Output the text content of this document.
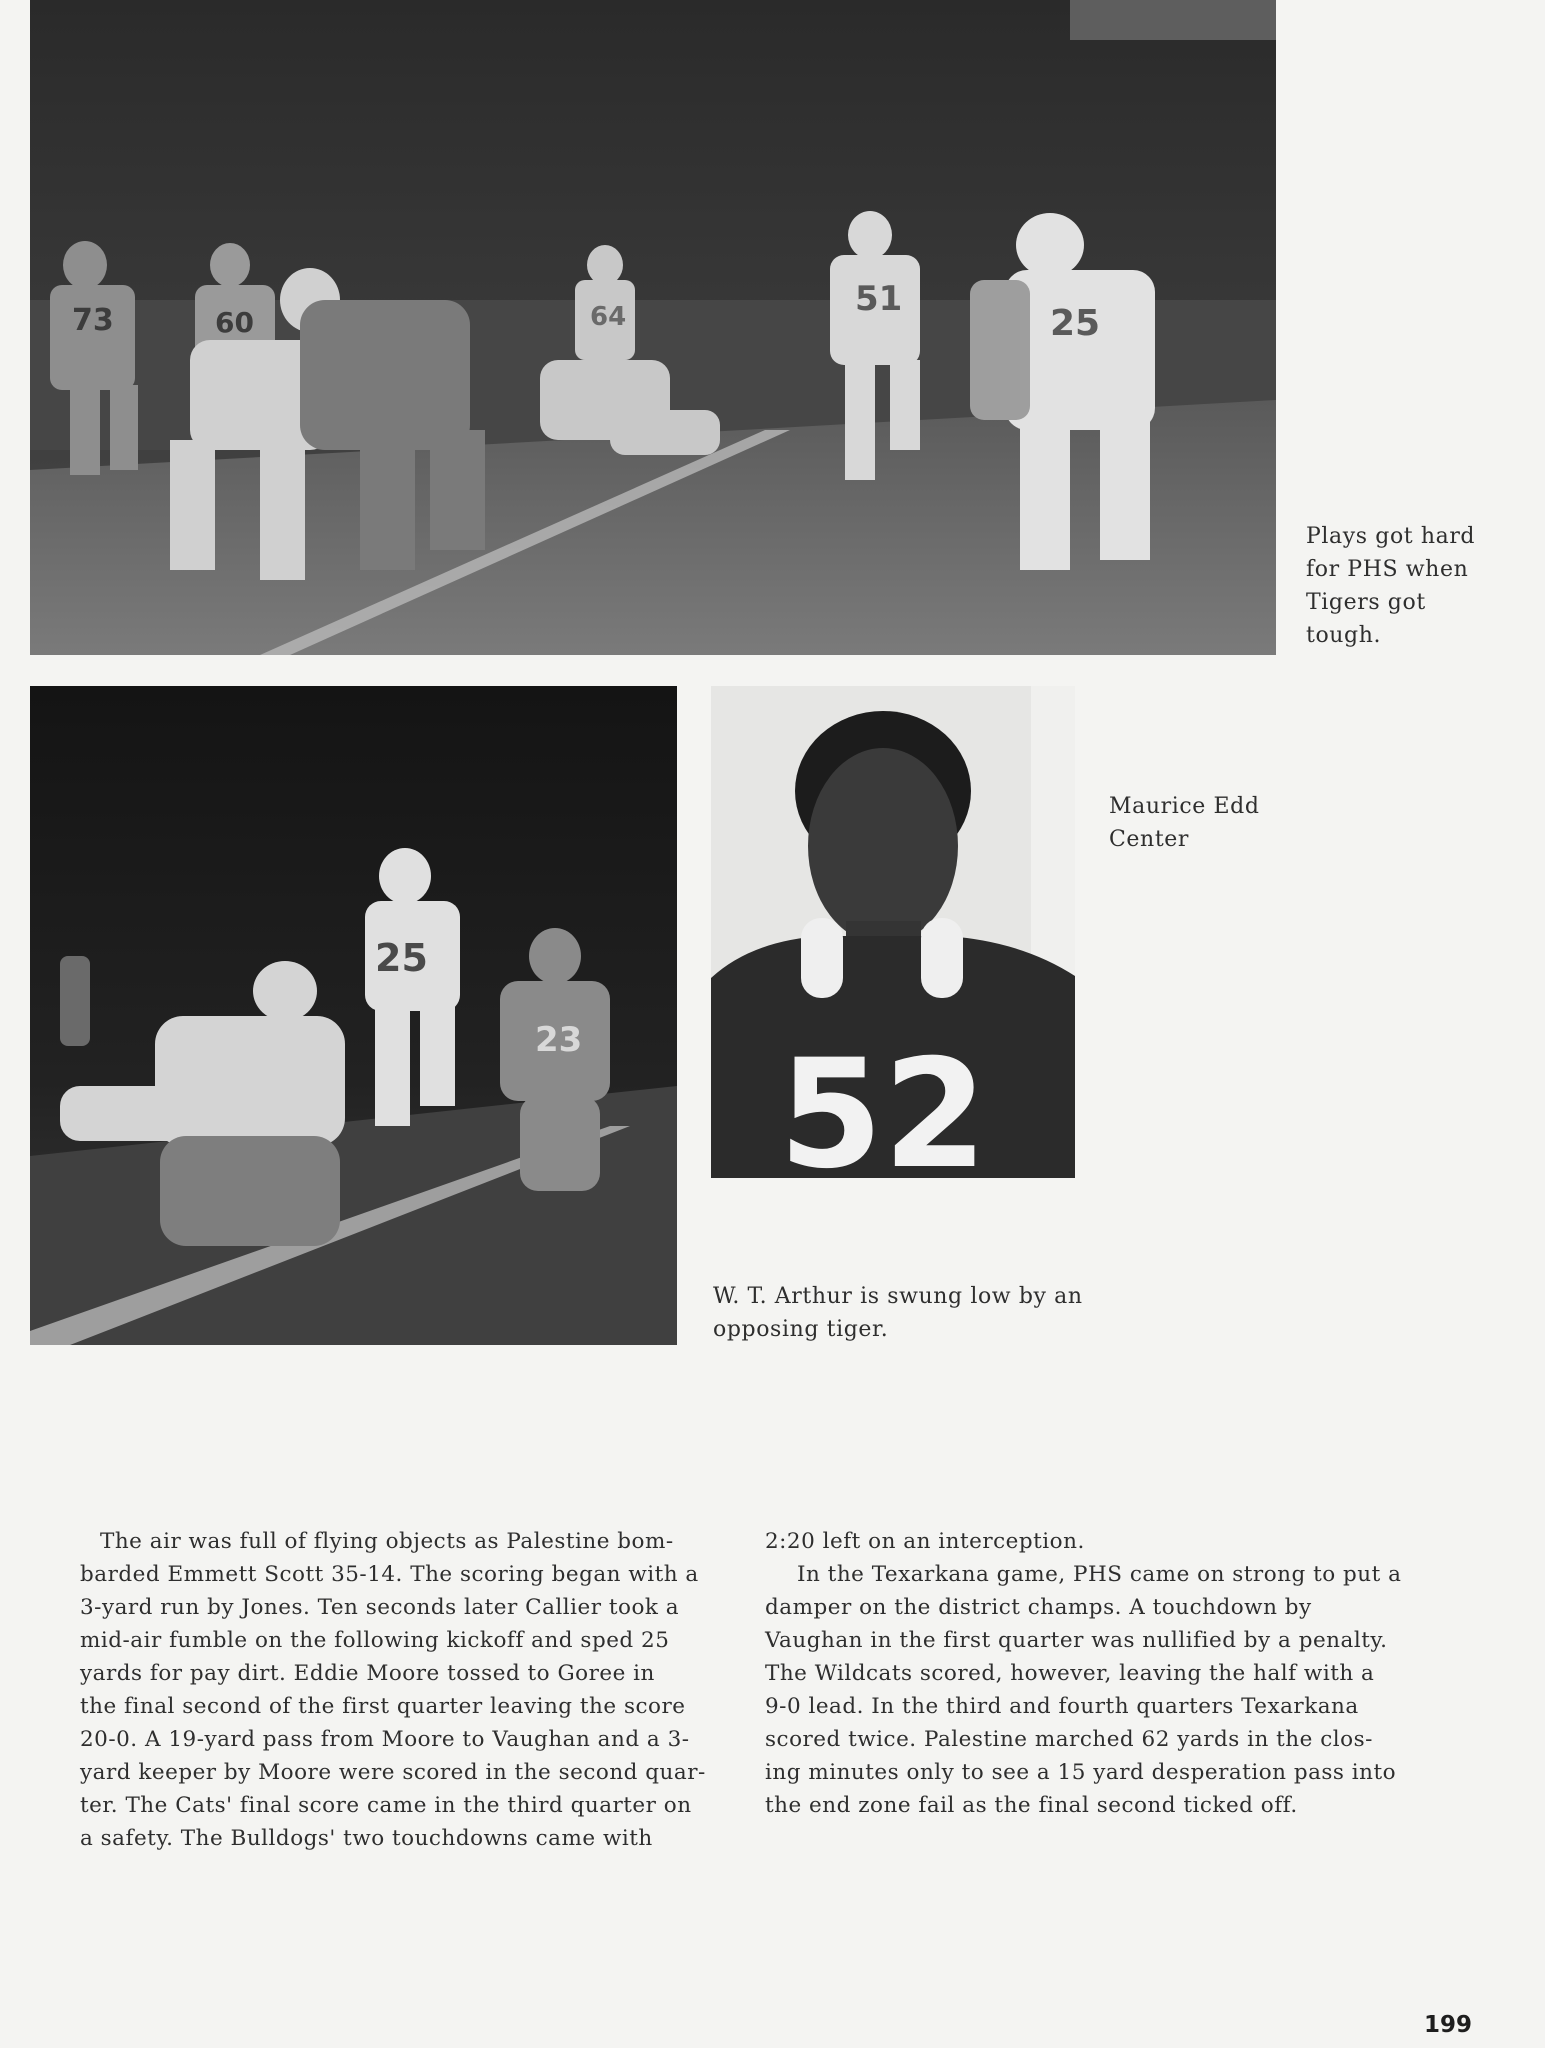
73	60	64	51
25

Plays got hard
for PHS when
Tigers got
tough.

25
23 52

Maurice Edd
Center

W. T. Arthur is swung low by an
opposing tiger.

The air was full of flying objects as Palestine bom-
barded Emmett Scott 35-14. The scoring began with a
3-yard run by Jones. Ten seconds later Callier took a
mid-air fumble on the following kickoff and sped 25
yards for pay dirt. Eddie Moore tossed to Goree in
the final second of the first quarter leaving the score
20-0. A 19-yard pass from Moore to Vaughan and a 3-
yard keeper by Moore were scored in the second quar-
ter. The Cats' final score came in the third quarter on
a safety. The Bulldogs' two touchdowns came with
2:20 left on an interception.
In the Texarkana game, PHS came on strong to put a
damper on the district champs. A touchdown by
Vaughan in the first quarter was nullified by a penalty.
The Wildcats scored, however, leaving the half with a
9-0 lead. In the third and fourth quarters Texarkana
scored twice. Palestine marched 62 yards in the clos-
ing minutes only to see a 15 yard desperation pass into
the end zone fail as the final second ticked off.
199
